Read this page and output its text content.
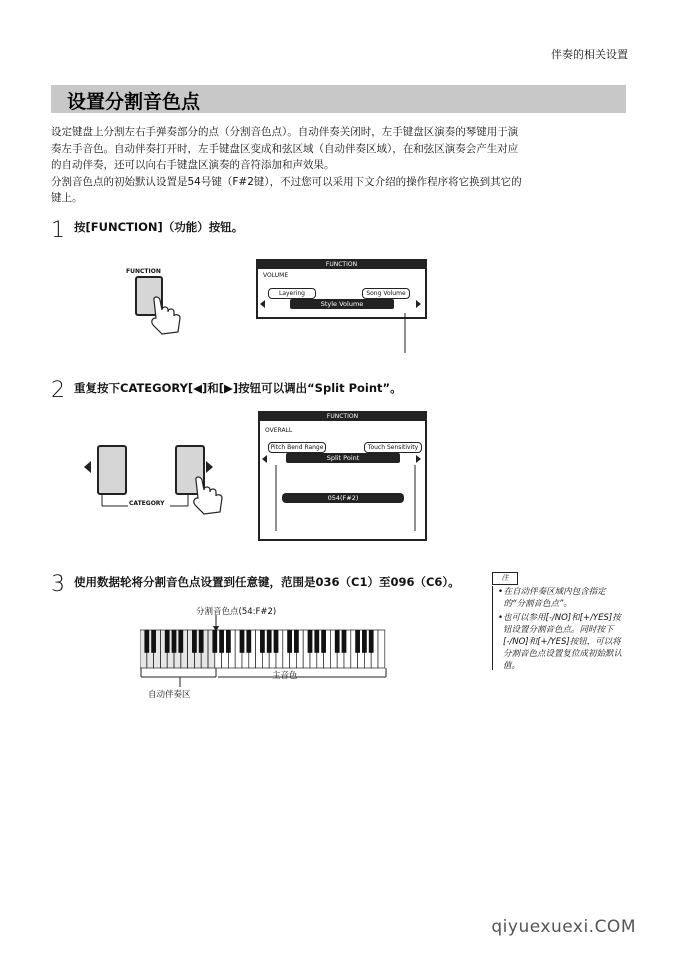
伴奏的相关设置
设置分割音色点

设定键盘上分割左右手弹奏部分的点（分割音色点）。自动伴奏关闭时，左手键盘区演奏的琴键用于演

奏左手音色。自动伴奏打开时，左手键盘区变成和弦区域（自动伴奏区域），在和弦区演奏会产生对应

的自动伴奏，还可以向右手键盘区演奏的音符添加和声效果。

分割音色点的初始默认设置是54号键（F#2键），不过您可以采用下文介绍的操作程序将它换到其它的

键上。

1 按[FUNCTION]（功能）按钮。
FUNCTION
FUNCTION
VOLUME
Layering	Song Volume
Style Volume
2 重复按下CATEGORY[◀]和[▶]按钮可以调出“Split Point”。
CATEGORY
FUNCTION
OVERALL
Pitch Bend Range	Touch Sensitivity
Split Point
054(F#2)
3 使用数据轮将分割音色点设置到任意键，范围是036（C1）至096（C6）。	注
• 在自动伴奏区域内包含指定的“分割音色点”。
• 也可以参用[-/NO]和[+/YES]按钮设置分割音色点。同时按下[-/NO]和[+/YES]按钮，可以将分割音色点设置复位成初始默认值。
分割音色点(54:F#2)
主音色
自动伴奏区
qiyuexuexi.COM
